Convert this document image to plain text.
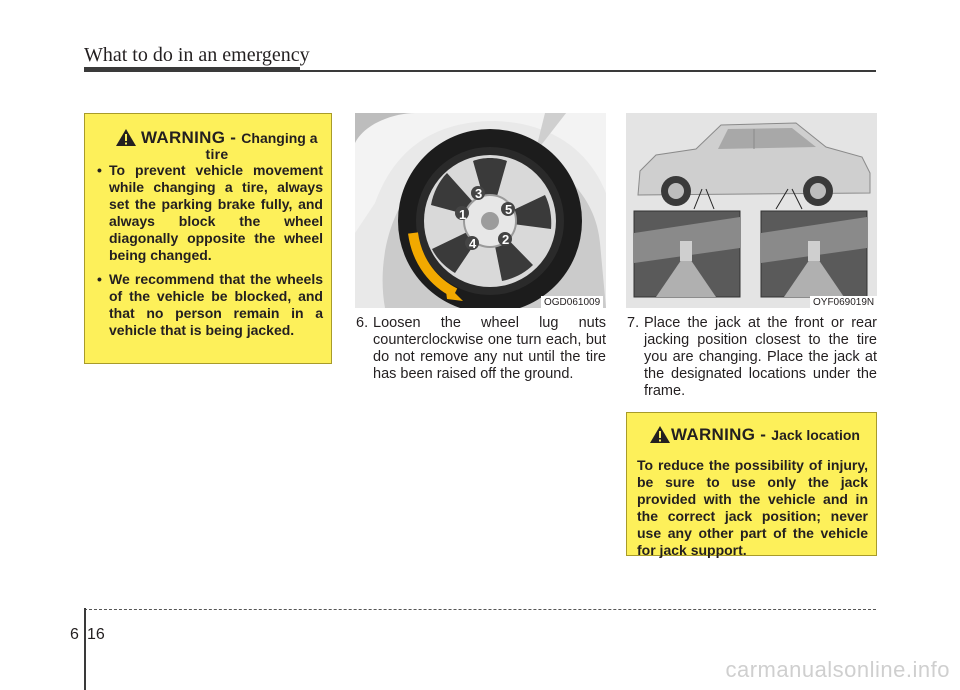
What to do in an emergency
WARNING - Changing a
tire
• To prevent vehicle movement while changing a tire, always set the parking brake fully, and always block the wheel diagonally opposite the wheel being changed.
• We recommend that the wheels of the vehicle be blocked, and that no person remain in a vehicle that is being jacked.
1
2
3
4
5
OGD061009	OYF069019N
6. Loosen the wheel lug nuts counterclockwise one turn each, but do not remove any nut until the tire has been raised off the ground.
7. Place the jack at the front or rear jacking position closest to the tire you are changing. Place the jack at the designated locations under the frame.
WARNING - Jack location
To reduce the possibility of injury, be sure to use only the jack provided with the vehicle and in the correct jack position; never use any other part of the vehicle for jack support.
6 16
carmanualsonline.info
